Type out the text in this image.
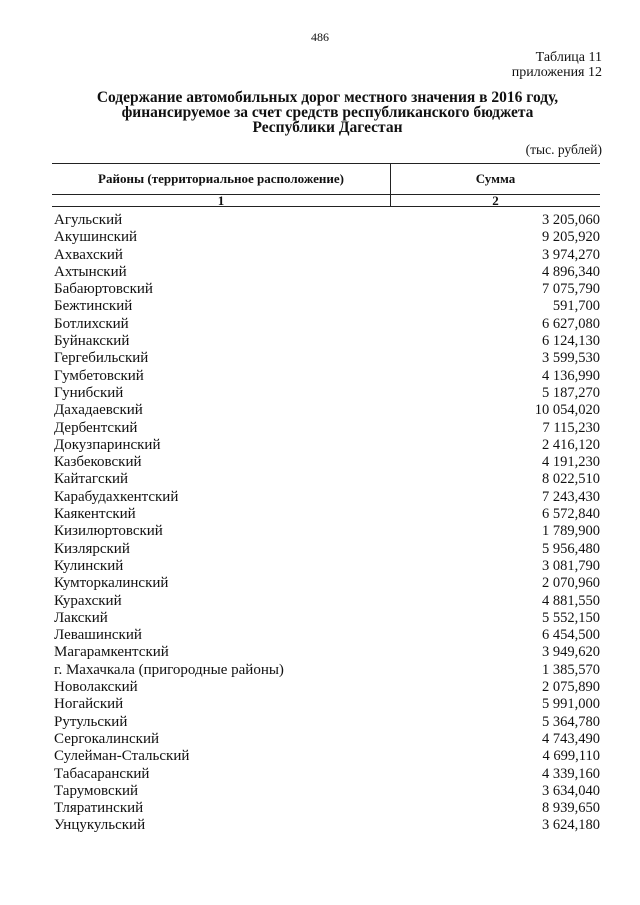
486
Таблица 11
приложения 12
Содержание автомобильных дорог местного значения в 2016 году,
финансируемое за счет средств республиканского бюджета
Республики Дагестан
(тыс. рублей)
Районы (территориальное расположение)	Сумма
1	2
Агульский	3 205,060
Акушинский	9 205,920
Ахвахский	3 974,270
Ахтынский	4 896,340
Бабаюртовский	7 075,790
Бежтинский	591,700
Ботлихский	6 627,080
Буйнакский	6 124,130
Гергебильский	3 599,530
Гумбетовский	4 136,990
Гунибский	5 187,270
Дахадаевский	10 054,020
Дербентский	7 115,230
Докузпаринский	2 416,120
Казбековский	4 191,230
Кайтагский	8 022,510
Карабудахкентский	7 243,430
Каякентский	6 572,840
Кизилюртовский	1 789,900
Кизлярский	5 956,480
Кулинский	3 081,790
Кумторкалинский	2 070,960
Курахский	4 881,550
Лакский	5 552,150
Левашинский	6 454,500
Магарамкентский	3 949,620
г. Махачкала (пригородные районы)	1 385,570
Новолакский	2 075,890
Ногайский	5 991,000
Рутульский	5 364,780
Сергокалинский	4 743,490
Сулейман-Стальский	4 699,110
Табасаранский	4 339,160
Тарумовский	3 634,040
Тляратинский	8 939,650
Унцукульский	3 624,180
